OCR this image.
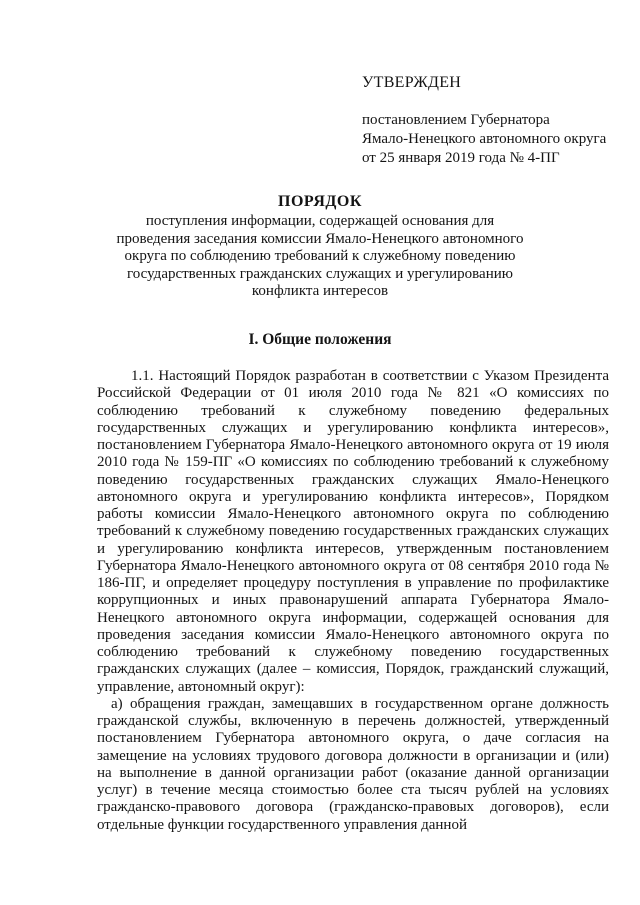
УТВЕРЖДЕН
постановлением Губернатора
Ямало-Ненецкого автономного округа
от 25 января 2019 года № 4-ПГ
ПОРЯДОК
поступления информации, содержащей основания для проведения заседания комиссии Ямало-Ненецкого автономного округа по соблюдению требований к служебному поведению государственных гражданских служащих и урегулированию конфликта интересов
I. Общие положения

1.1. Настоящий Порядок разработан в соответствии с Указом Президента Российской Федерации от 01 июля 2010 года № 821 «О комиссиях по соблюдению требований к служебному поведению федеральных государственных служащих и урегулированию конфликта интересов», постановлением Губернатора Ямало-Ненецкого автономного округа от 19 июля 2010 года № 159-ПГ «О комиссиях по соблюдению требований к служебному поведению государственных гражданских служащих Ямало-Ненецкого автономного округа и урегулированию конфликта интересов», Порядком работы комиссии Ямало-Ненецкого автономного округа по соблюдению требований к служебному поведению государственных гражданских служащих и урегулированию конфликта интересов, утвержденным постановлением Губернатора Ямало-Ненецкого автономного округа от 08 сентября 2010 года № 186-ПГ, и определяет процедуру поступления в управление по профилактике коррупционных и иных правонарушений аппарата Губернатора Ямало-Ненецкого автономного округа информации, содержащей основания для проведения заседания комиссии Ямало-Ненецкого автономного округа по соблюдению требований к служебному поведению государственных гражданских служащих (далее – комиссия, Порядок, гражданский служащий, управление, автономный округ):

а) обращения граждан, замещавших в государственном органе должность гражданской службы, включенную в перечень должностей, утвержденный постановлением Губернатора автономного округа, о даче согласия на замещение на условиях трудового договора должности в организации и (или) на выполнение в данной организации работ (оказание данной организации услуг) в течение месяца стоимостью более ста тысяч рублей на условиях гражданско-правового договора (гражданско-правовых договоров), если отдельные функции государственного управления данной
